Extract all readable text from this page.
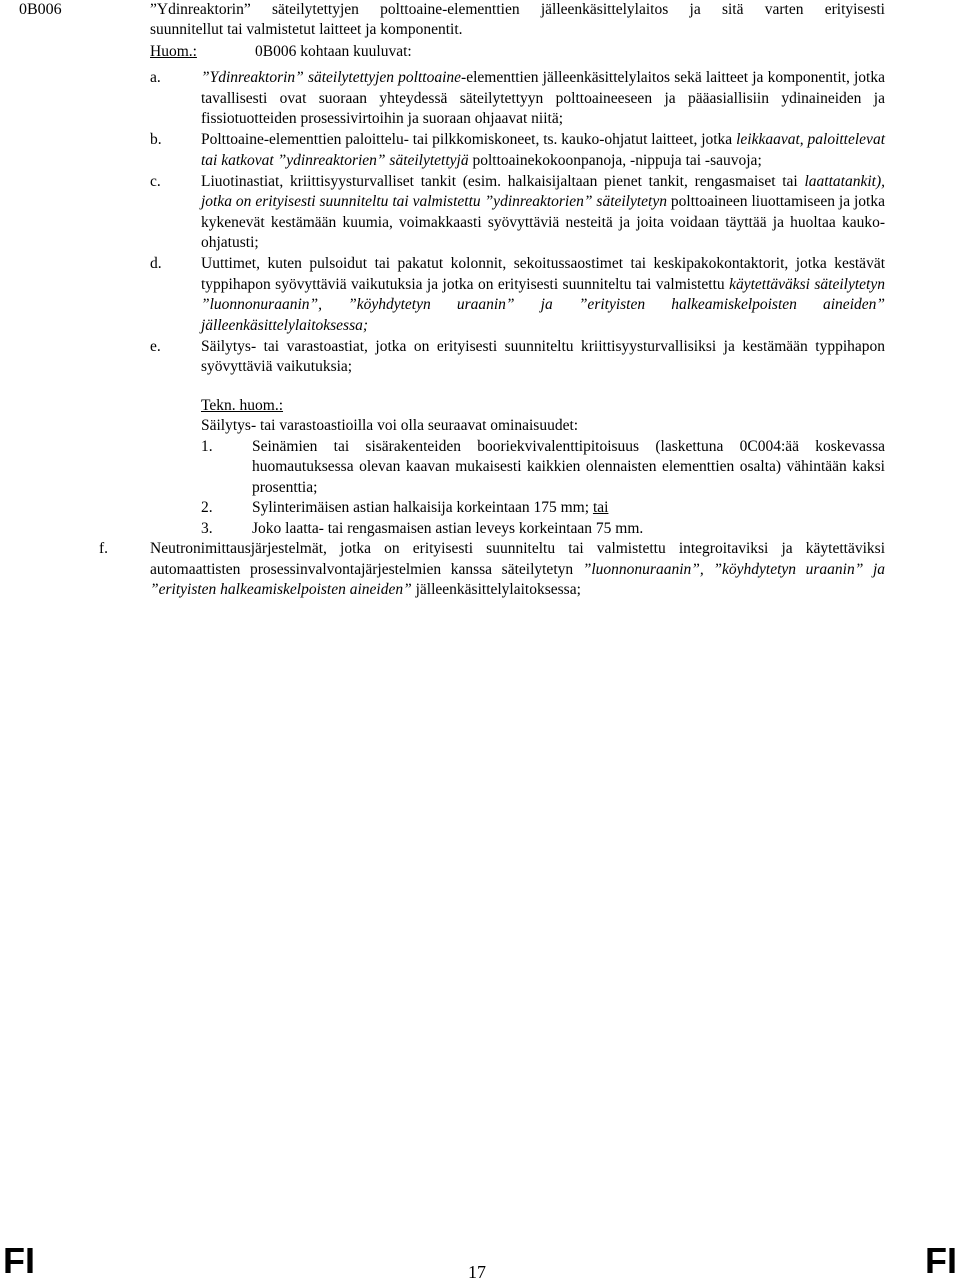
0B006	”Ydinreaktorin” säteilytettyjen polttoaine-elementtien jälleenkäsittelylaitos ja sitä varten erityisesti
suunnitellut tai valmistetut laitteet ja komponentit.
Huom.:	0B006 kohtaan kuuluvat:
a.	”Ydinreaktorin” säteilytettyjen polttoaine-elementtien jälleenkäsittelylaitos sekä laitteet ja komponentit, jotka tavallisesti ovat suoraan yhteydessä säteilytettyyn polttoaineeseen ja pääasiallisiin ydinaineiden ja fissiotuotteiden prosessivirtoihin ja suoraan ohjaavat niitä;
b.	Polttoaine-elementtien paloittelu- tai pilkkomiskoneet, ts. kauko-ohjatut laitteet, jotka leikkaavat, paloittelevat tai katkovat ”ydinreaktorien” säteilytettyjä polttoainekokoonpanoja, -nippuja tai -sauvoja;
c.	Liuotinastiat, kriittisyysturvalliset tankit (esim. halkaisijaltaan pienet tankit, rengasmaiset tai laattatankit), jotka on erityisesti suunniteltu tai valmistettu ”ydinreaktorien” säteilytetyn polttoaineen liuottamiseen ja jotka kykenevät kestämään kuumia, voimakkaasti syövyttäviä nesteitä ja joita voidaan täyttää ja huoltaa kauko-ohjatusti;
d.	Uuttimet, kuten pulsoidut tai pakatut kolonnit, sekoitussaostimet tai keskipakokontaktorit, jotka kestävät typpihapon syövyttäviä vaikutuksia ja jotka on erityisesti suunniteltu tai valmistettu käytettäväksi säteilytetyn ”luonnonuraanin”, ”köyhdytetyn uraanin” ja ”erityisten halkeamiskelpoisten aineiden” jälleenkäsittelylaitoksessa;
e.	Säilytys- tai varastoastiat, jotka on erityisesti suunniteltu kriittisyysturvallisiksi ja kestämään typpihapon syövyttäviä vaikutuksia;
Tekn. huom.:
Säilytys- tai varastoastioilla voi olla seuraavat ominaisuudet:
1.	Seinämien tai sisärakenteiden booriekvivalenttipitoisuus (laskettuna 0C004:ää koskevassa huomautuksessa olevan kaavan mukaisesti kaikkien olennaisten elementtien osalta) vähintään kaksi prosenttia;
2.	Sylinterimäisen astian halkaisija korkeintaan 175 mm; tai
3.	Joko laatta- tai rengasmaisen astian leveys korkeintaan 75 mm.
f.	Neutronimittausjärjestelmät, jotka on erityisesti suunniteltu tai valmistettu integroitaviksi ja käytettäviksi automaattisten prosessinvalvontajärjestelmien kanssa säteilytetyn ”luonnonuraanin”, ”köyhdytetyn uraanin” ja ”erityisten halkeamiskelpoisten aineiden” jälleenkäsittelylaitoksessa;
FI	17	FI
